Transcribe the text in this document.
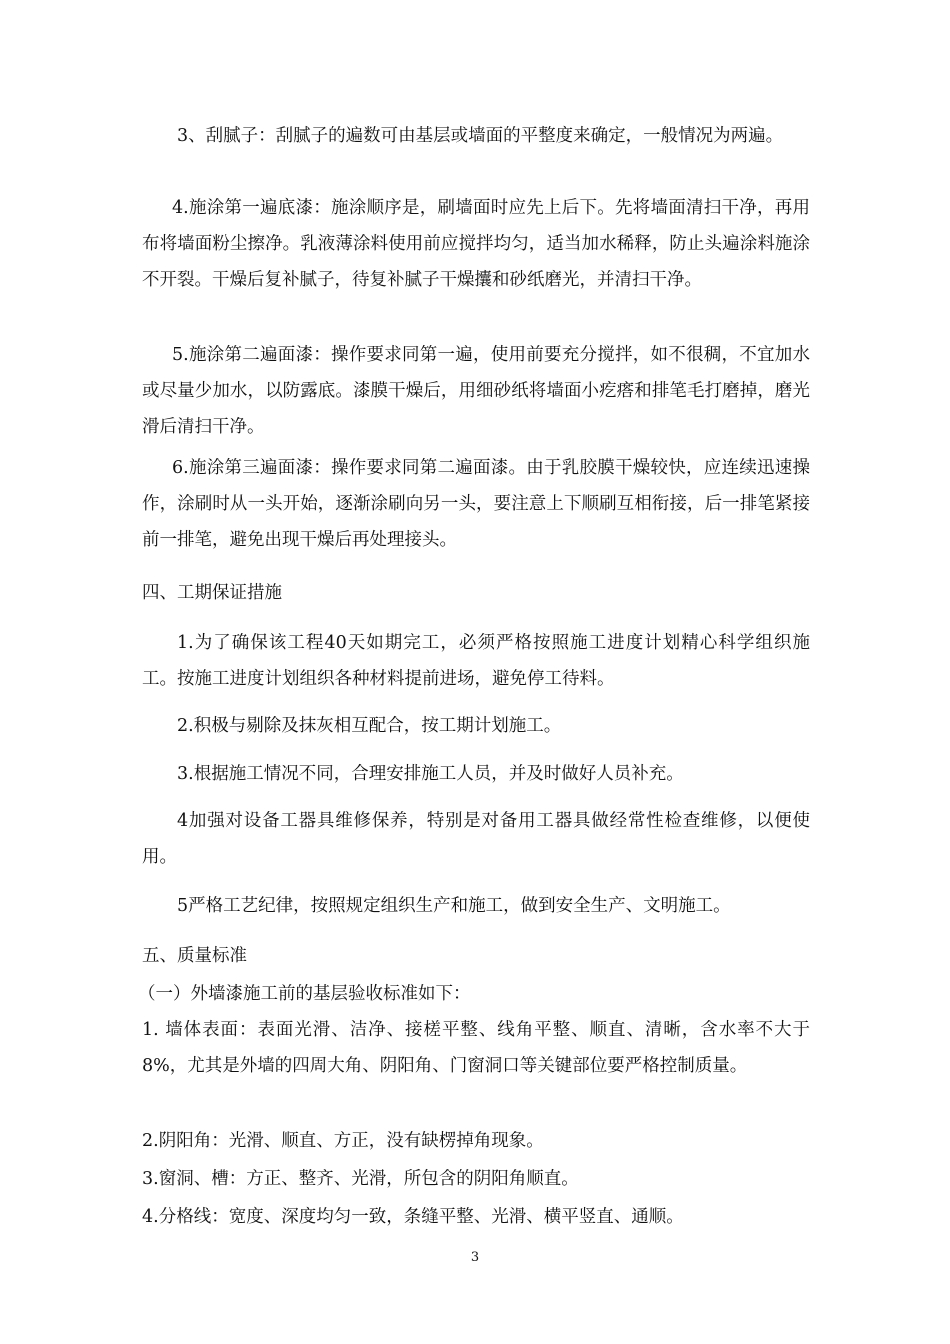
3、刮腻子：刮腻子的遍数可由基层或墙面的平整度来确定，一般情况为两遍。

4.施涂第一遍底漆：施涂顺序是，刷墙面时应先上后下。先将墙面清扫干净，再用布将墙面粉尘擦净。乳液薄涂料使用前应搅拌均匀，适当加水稀释，防止头遍涂料施涂不开裂。干燥后复补腻子，待复补腻子干燥攮和砂纸磨光，并清扫干净。

5.施涂第二遍面漆：操作要求同第一遍，使用前要充分搅拌，如不很稠，不宜加水或尽量少加水，以防露底。漆膜干燥后，用细砂纸将墙面小疙瘩和排笔毛打磨掉，磨光滑后清扫干净。

6.施涂第三遍面漆：操作要求同第二遍面漆。由于乳胶膜干燥较快，应连续迅速操作，涂刷时从一头开始，逐渐涂刷向另一头，要注意上下顺刷互相衔接，后一排笔紧接前一排笔，避免出现干燥后再处理接头。

四、工期保证措施

1.为了确保该工程40天如期完工，必须严格按照施工进度计划精心科学组织施工。按施工进度计划组织各种材料提前进场，避免停工待料。

2.积极与剔除及抹灰相互配合，按工期计划施工。

3.根据施工情况不同，合理安排施工人员，并及时做好人员补充。

4加强对设备工器具维修保养，特别是对备用工器具做经常性检查维修，以便使用。

5严格工艺纪律，按照规定组织生产和施工，做到安全生产、文明施工。

五、质量标准

（一）外墙漆施工前的基层验收标准如下：

1. 墙体表面：表面光滑、洁净、接槎平整、线角平整、顺直、清晰，含水率不大于 8%，尤其是外墙的四周大角、阴阳角、门窗洞口等关键部位要严格控制质量。

2.阴阳角：光滑、顺直、方正，没有缺楞掉角现象。

3.窗洞、槽：方正、整齐、光滑，所包含的阴阳角顺直。

4.分格线：宽度、深度均匀一致，条缝平整、光滑、横平竖直、通顺。

3
